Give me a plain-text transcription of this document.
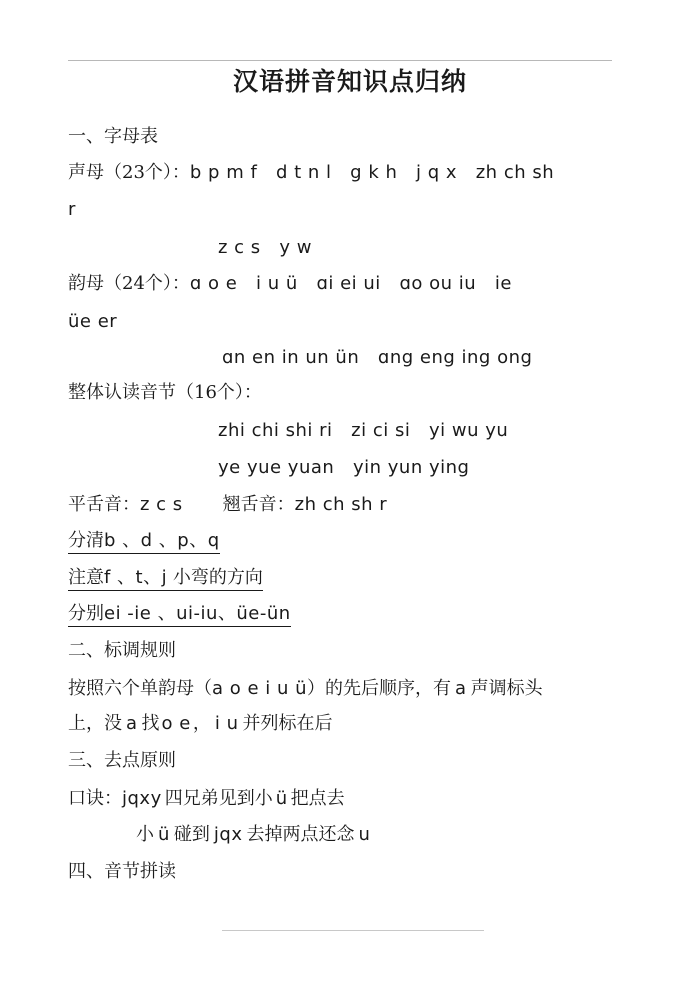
汉语拼音知识点归纳
一、字母表
声母（23个）：b p m f   d t n l   g k h   j q x   zh ch sh
r
z c s   y w
韵母（24个）：ɑ o e   i u ü   ɑi ei ui   ɑo ou iu   ie
üe er
ɑn en in un ün   ɑng eng ing ong
整体认读音节（16个）：
zhi chi shi ri   zi ci si   yi wu yu
ye yue yuan   yin yun ying
平舌音：z c s 翘舌音：zh ch sh r
分清b 、d 、p、q
注意f 、t、j 小弯的方向
分别ei -ie 、ui-iu、üe-ün
二、标调规则
按照六个单韵母（a o e i u ü）的先后顺序，有 a 声调标头
上，没 a 找 o e ， i u 并列标在后
三、去点原则
口诀：jqxy 四兄弟见到小 ü 把点去
小 ü 碰到 jqx 去掉两点还念 u
四、音节拼读
